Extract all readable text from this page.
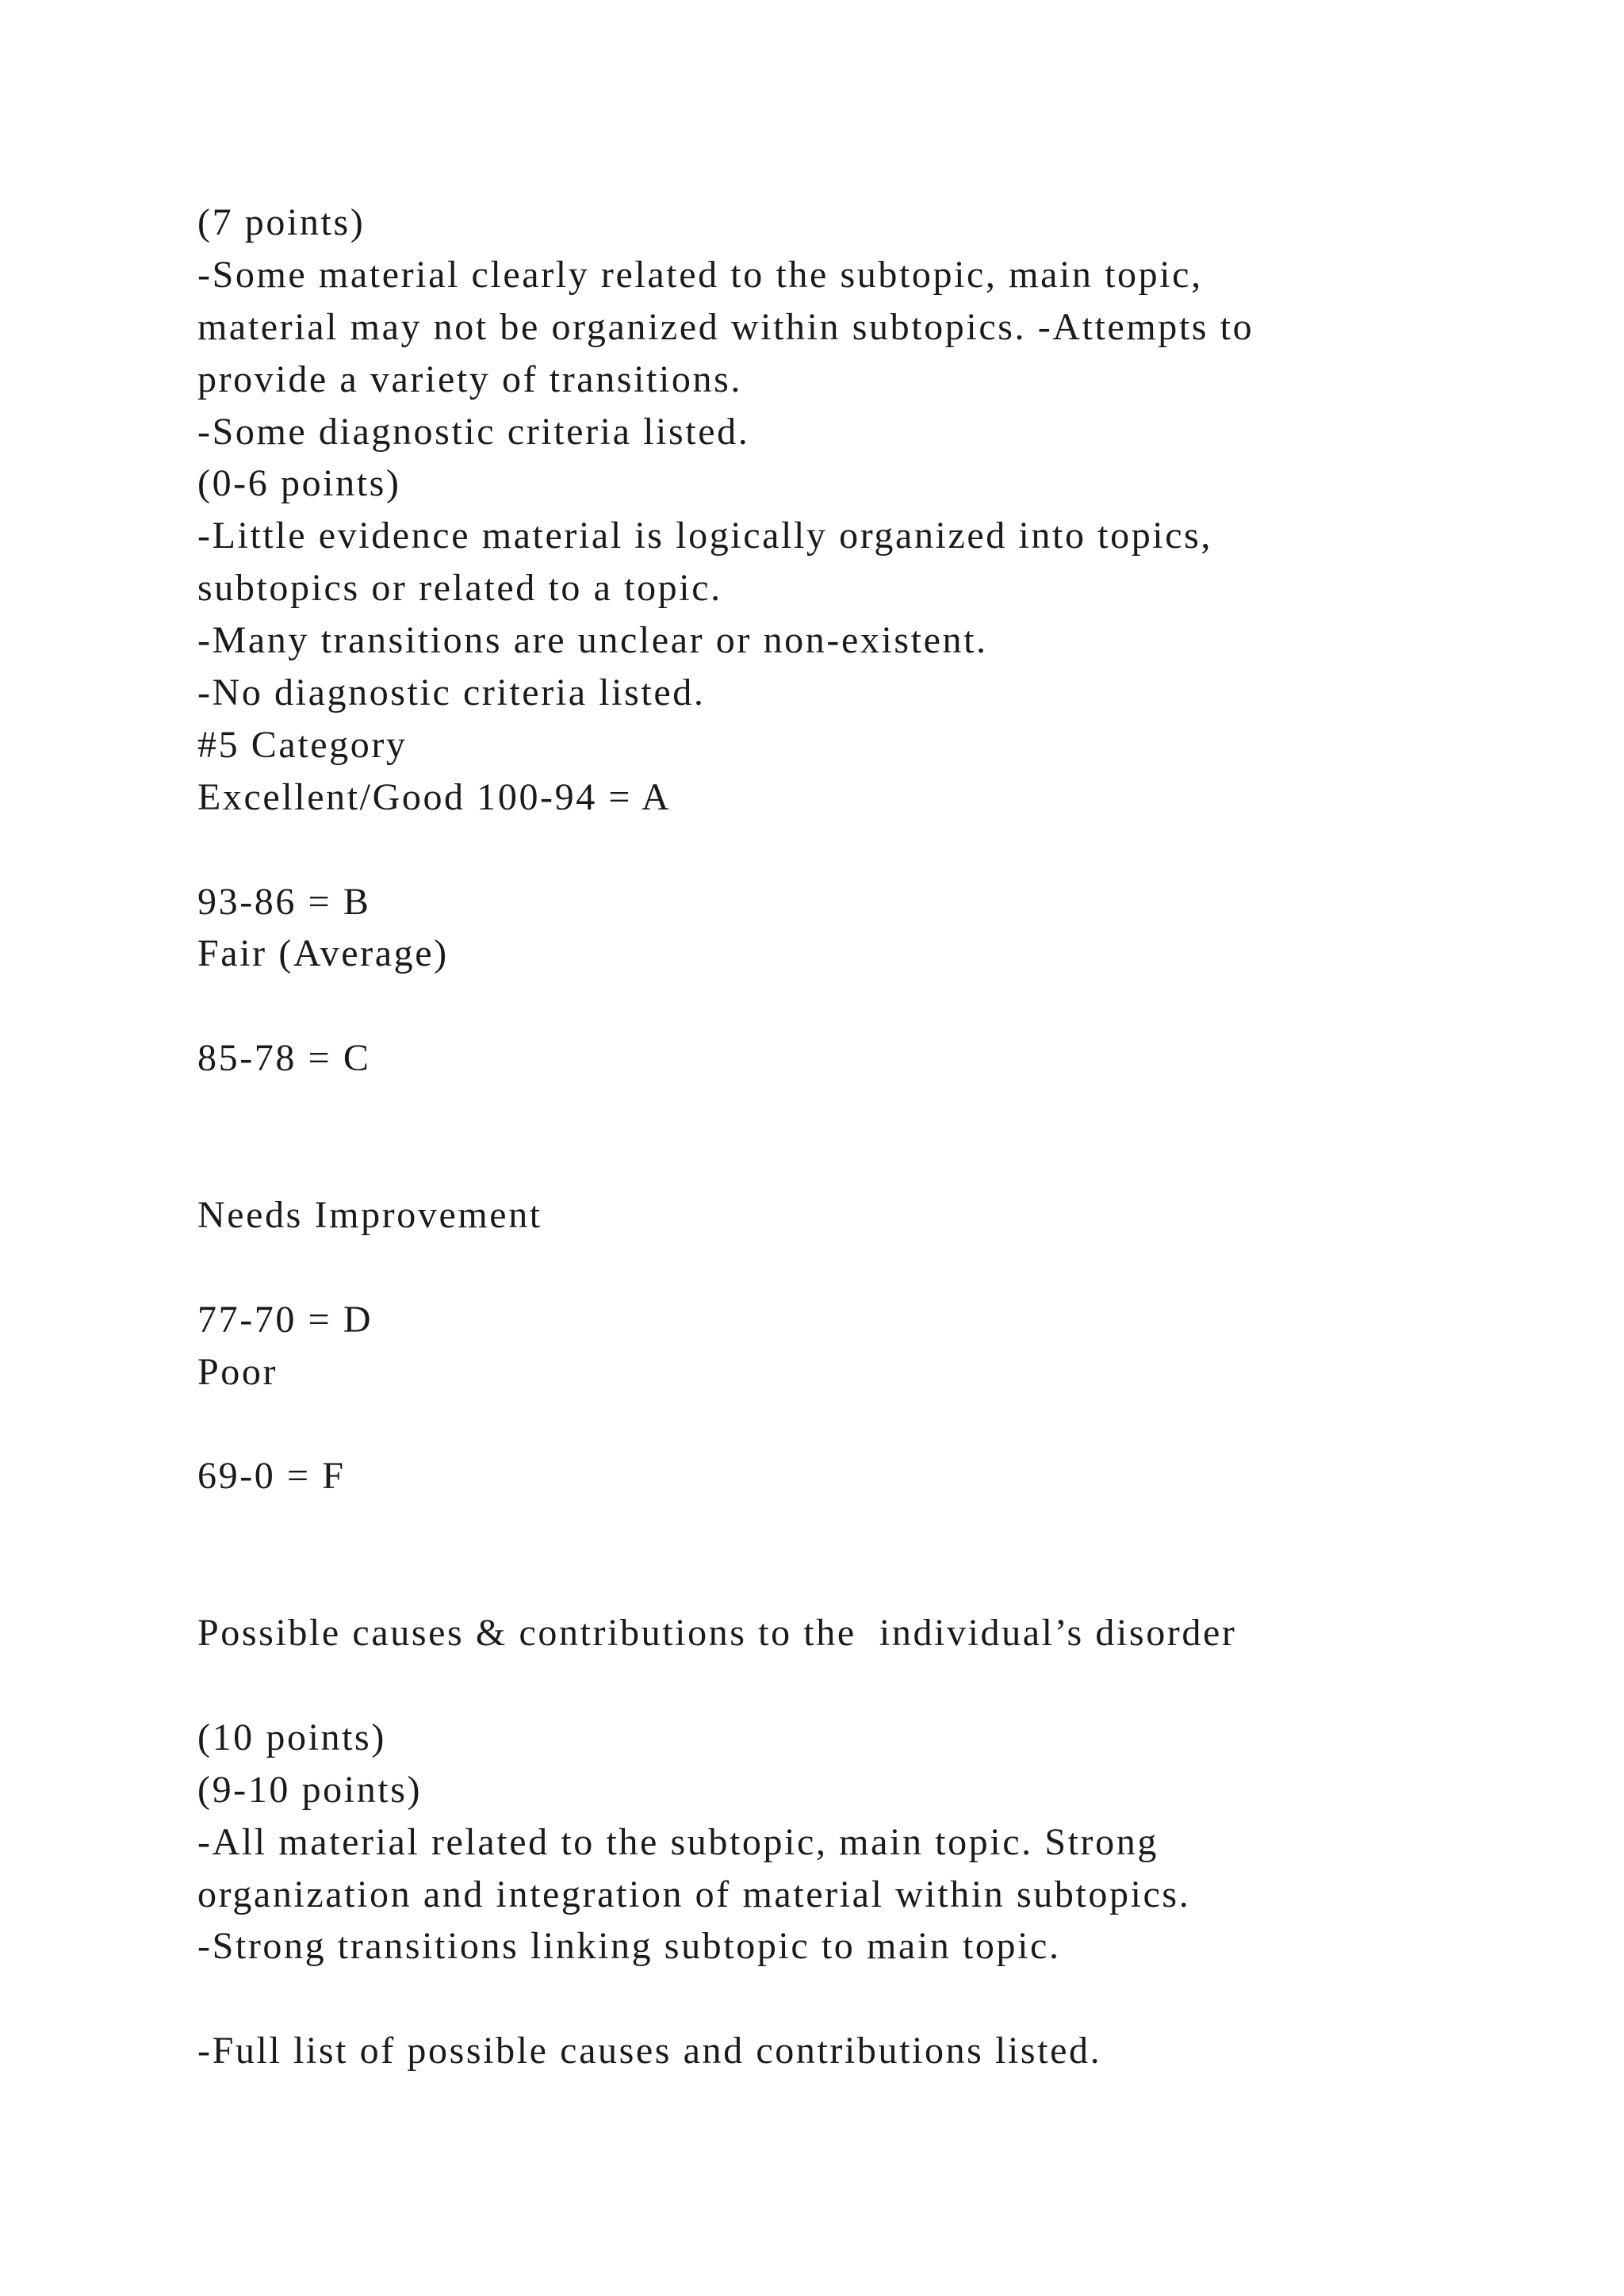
(7 points)
-Some material clearly related to the subtopic, main topic,
material may not be organized within subtopics. -Attempts to
provide a variety of transitions.
-Some diagnostic criteria listed.
(0-6 points)
-Little evidence material is logically organized into topics,
subtopics or related to a topic.
-Many transitions are unclear or non-existent.
-No diagnostic criteria listed.
#5 Category
Excellent/Good 100-94 = A
93-86 = B
Fair (Average)
85-78 = C
Needs Improvement
77-70 = D
Poor
69-0 = F
Possible causes & contributions to the  individual’s disorder
(10 points)
(9-10 points)
-All material related to the subtopic, main topic. Strong
organization and integration of material within subtopics.
-Strong transitions linking subtopic to main topic.
-Full list of possible causes and contributions listed.
